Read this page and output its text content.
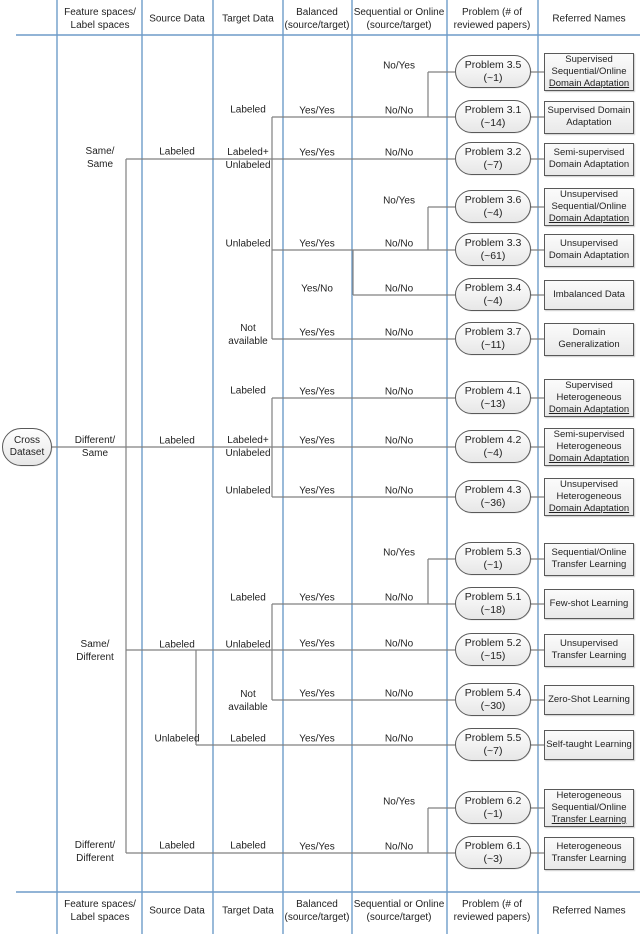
Cross
Dataset
Feature spaces/
Label spaces
Source Data Target Data
Balanced
(source/target)
Sequential or Online
(source/target)
Problem (# of
reviewed papers)
Referred Names
Feature spaces/
Label spaces
Source Data Target Data
Balanced
(source/target)
Sequential or Online
(source/target)
Problem (# of
reviewed papers)
Referred Names
Same/
Same
Different/
Same
Same/
Different
Different/
Different
Labeled
Labeled
Labeled
Unlabeled
Labeled
Labeled
Labeled+
Unlabeled
Unlabeled
Not
available
Labeled
Labeled+
Unlabeled
Unlabeled
Labeled
Unlabeled
Not
available
Labeled
Labeled
Yes/Yes
Yes/Yes
Yes/Yes
Yes/No
Yes/Yes
Yes/Yes
Yes/Yes
Yes/Yes
Yes/Yes
Yes/Yes
Yes/Yes
Yes/Yes
Yes/Yes
No/Yes
No/No
No/No
No/Yes
No/No
No/No
No/No
No/No
No/No
No/No
No/Yes
No/No
No/No
No/No
No/No
No/Yes
No/No
Problem 3.5
(~1)
Problem 3.1
(~14)
Problem 3.2
(~7)
Problem 3.6
(~4)
Problem 3.3
(~61)
Problem 3.4
(~4)
Problem 3.7
(~11)
Problem 4.1
(~13)
Problem 4.2
(~4)
Problem 4.3
(~36)
Problem 5.3
(~1)
Problem 5.1
(~18)
Problem 5.2
(~15)
Problem 5.4
(~30)
Problem 5.5
(~7)
Problem 6.2
(~1)
Problem 6.1
(~3)
Supervised
Sequential/Online
Domain Adaptation
Supervised Domain
Adaptation
Semi-supervised
Domain Adaptation
Unsupervised
Sequential/Online
Domain Adaptation
Unsupervised
Domain Adaptation
Imbalanced Data
Domain
Generalization
Supervised
Heterogeneous
Domain Adaptation
Semi-supervised
Heterogeneous
Domain Adaptation
Unsupervised
Heterogeneous
Domain Adaptation
Sequential/Online
Transfer Learning
Few-shot Learning
Unsupervised
Transfer Learning
Zero-Shot Learning
Self-taught Learning
Heterogeneous
Sequential/Online
Transfer Learning
Heterogeneous
Transfer Learning
